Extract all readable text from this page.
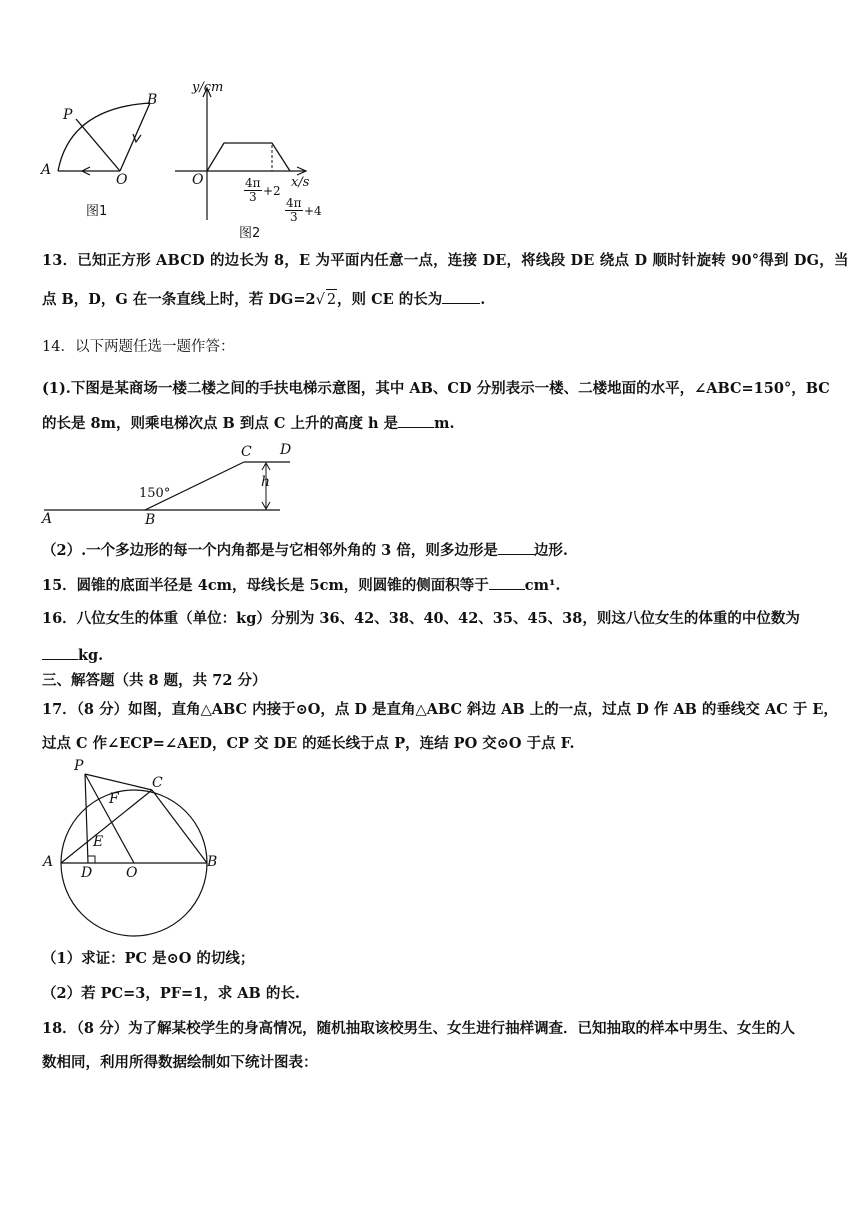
A
P
B
O
图1
y/cm
x/s
O	$\frac{4\pi}{3} +2$
$\frac{4\pi}{3} +4$
图2
13．已知正方形 ABCD 的边长为 8，E 为平面内任意一点，连接 DE，将线段 DE 绕点 D 顺时针旋转 90°得到 DG，当
点 B，D，G 在一条直线上时，若 DG=2√ 2，则 CE 的长为	.
14．以下两题任选一题作答：
(1).下图是某商场一楼二楼之间的手扶电梯示意图，其中 AB、CD 分别表示一楼、二楼地面的水平，∠ABC=150°，BC
的长是 8m，则乘电梯次点 B 到点 C 上升的高度 h 是 m.
C D
h
150°
A	B
（2）.一个多边形的每一个内角都是与它相邻外角的 3 倍，则多边形是 边形.
15．圆锥的底面半径是 4cm，母线长是 5cm，则圆锥的侧面积等于 cm¹.
16．八位女生的体重（单位：kg）分别为 36、42、38、40、42、35、45、38，则这八位女生的体重的中位数为
kg.
三、解答题（共 8 题，共 72 分）
17．（8 分）如图，直角△ABC 内接于⊙O，点 D 是直角△ABC 斜边 AB 上的一点，过点 D 作 AB 的垂线交 AC 于 E，
过点 C 作∠ECP=∠AED，CP 交 DE 的延长线于点 P，连结 PO 交⊙O 于点 F.
P
C
F
E
A
D O
B
（1）求证：PC 是⊙O 的切线；
（2）若 PC=3，PF=1，求 AB 的长.
18．（8 分）为了解某校学生的身高情况，随机抽取该校男生、女生进行抽样调查．已知抽取的样本中男生、女生的人
数相同，利用所得数据绘制如下统计图表：
